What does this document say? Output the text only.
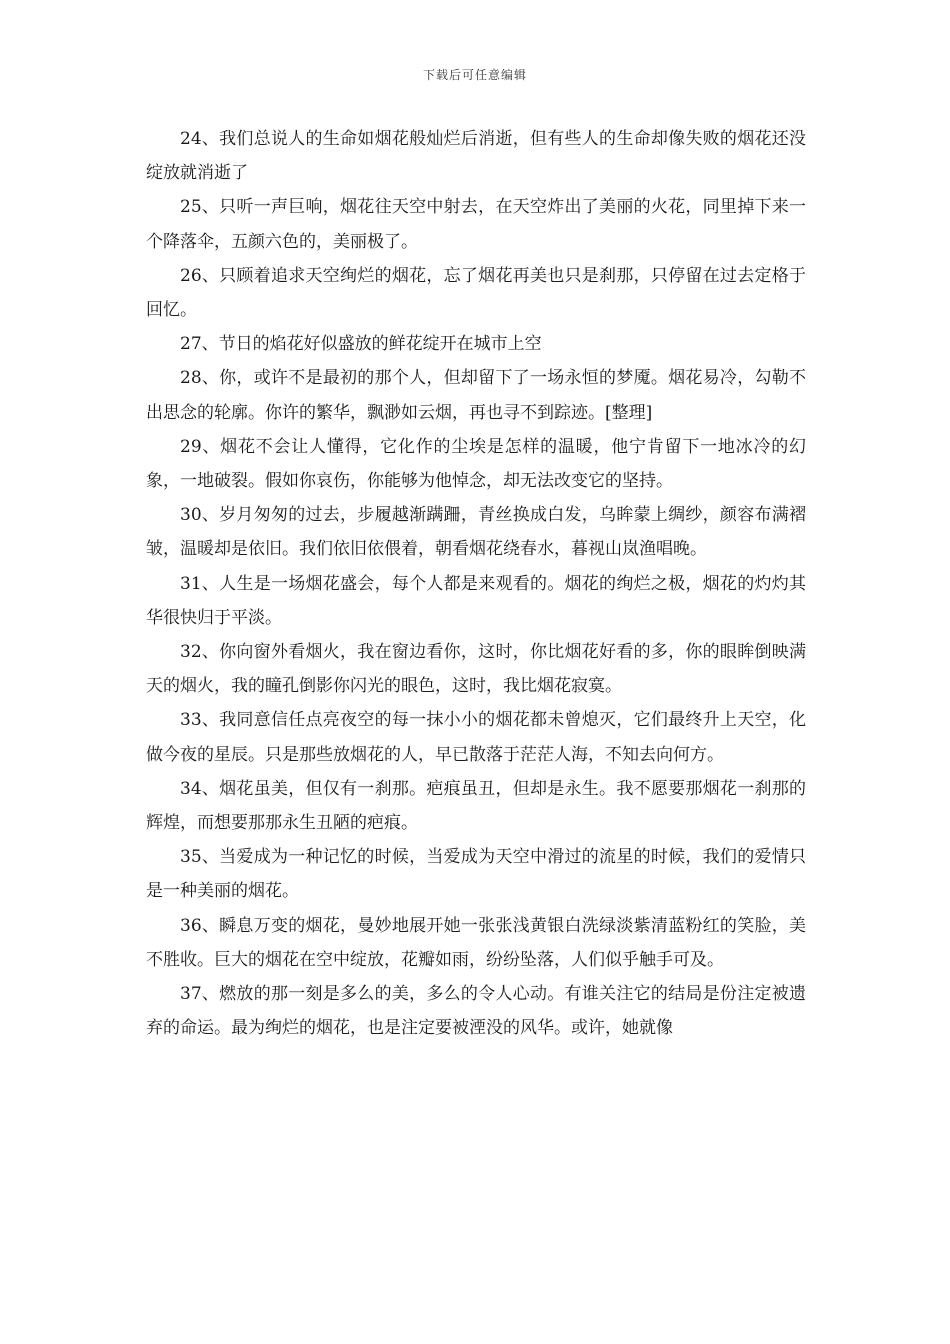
下载后可任意编辑

24、我们总说人的生命如烟花般灿烂后消逝，但有些人的生命却像失败的烟花还没绽放就消逝了

25、只听一声巨响，烟花往天空中射去，在天空炸出了美丽的火花，同里掉下来一个降落伞，五颜六色的，美丽极了。

26、只顾着追求天空绚烂的烟花，忘了烟花再美也只是刹那，只停留在过去定格于回忆。

27、节日的焰花好似盛放的鲜花绽开在城市上空

28、你，或许不是最初的那个人，但却留下了一场永恒的梦魇。烟花易冷，勾勒不出思念的轮廓。你许的繁华，飘渺如云烟，再也寻不到踪迹。[整理]

29、烟花不会让人懂得，它化作的尘埃是怎样的温暖，他宁肯留下一地冰冷的幻象，一地破裂。假如你哀伤，你能够为他悼念，却无法改变它的坚持。

30、岁月匆匆的过去，步履越渐蹒跚，青丝换成白发，乌眸蒙上绸纱，颜容布满褶皱，温暖却是依旧。我们依旧依偎着，朝看烟花绕春水，暮视山岚渔唱晚。

31、人生是一场烟花盛会，每个人都是来观看的。烟花的绚烂之极，烟花的灼灼其华很快归于平淡。

32、你向窗外看烟火，我在窗边看你，这时，你比烟花好看的多，你的眼眸倒映满天的烟火，我的瞳孔倒影你闪光的眼色，这时，我比烟花寂寞。

33、我同意信任点亮夜空的每一抹小小的烟花都未曾熄灭，它们最终升上天空，化做今夜的星辰。只是那些放烟花的人，早已散落于茫茫人海，不知去向何方。

34、烟花虽美，但仅有一刹那。疤痕虽丑，但却是永生。我不愿要那烟花一刹那的辉煌，而想要那那永生丑陋的疤痕。

35、当爱成为一种记忆的时候，当爱成为天空中滑过的流星的时候，我们的爱情只是一种美丽的烟花。

36、瞬息万变的烟花，曼妙地展开她一张张浅黄银白洗绿淡紫清蓝粉红的笑脸，美不胜收。巨大的烟花在空中绽放，花瓣如雨，纷纷坠落，人们似乎触手可及。

37、燃放的那一刻是多么的美，多么的令人心动。有谁关注它的结局是份注定被遗弃的命运。最为绚烂的烟花，也是注定要被湮没的风华。或许，她就像
